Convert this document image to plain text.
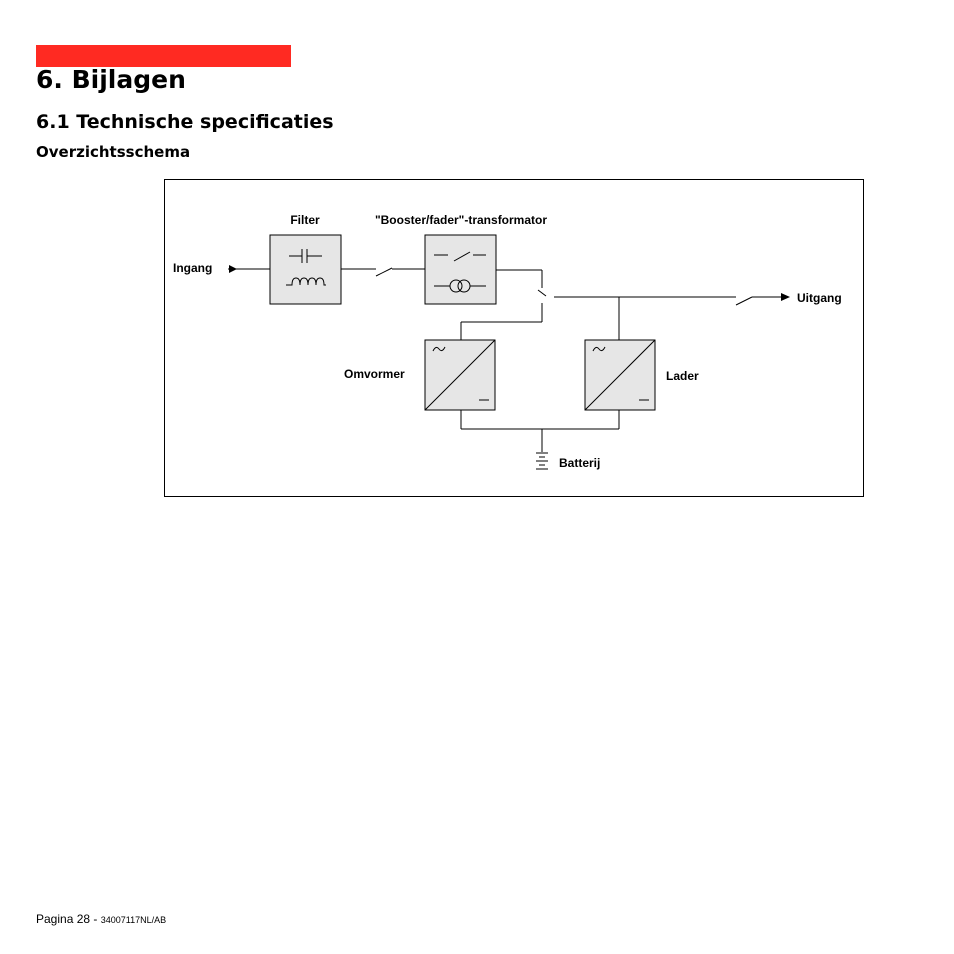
6. Bijlagen
6.1 Technische specificaties
Overzichtsschema
Filter	"Booster/fader"-transformator
Ingang
Uitgang
Omvormer	Lader
Batterij
Pagina 28 - 34007117NL/AB
